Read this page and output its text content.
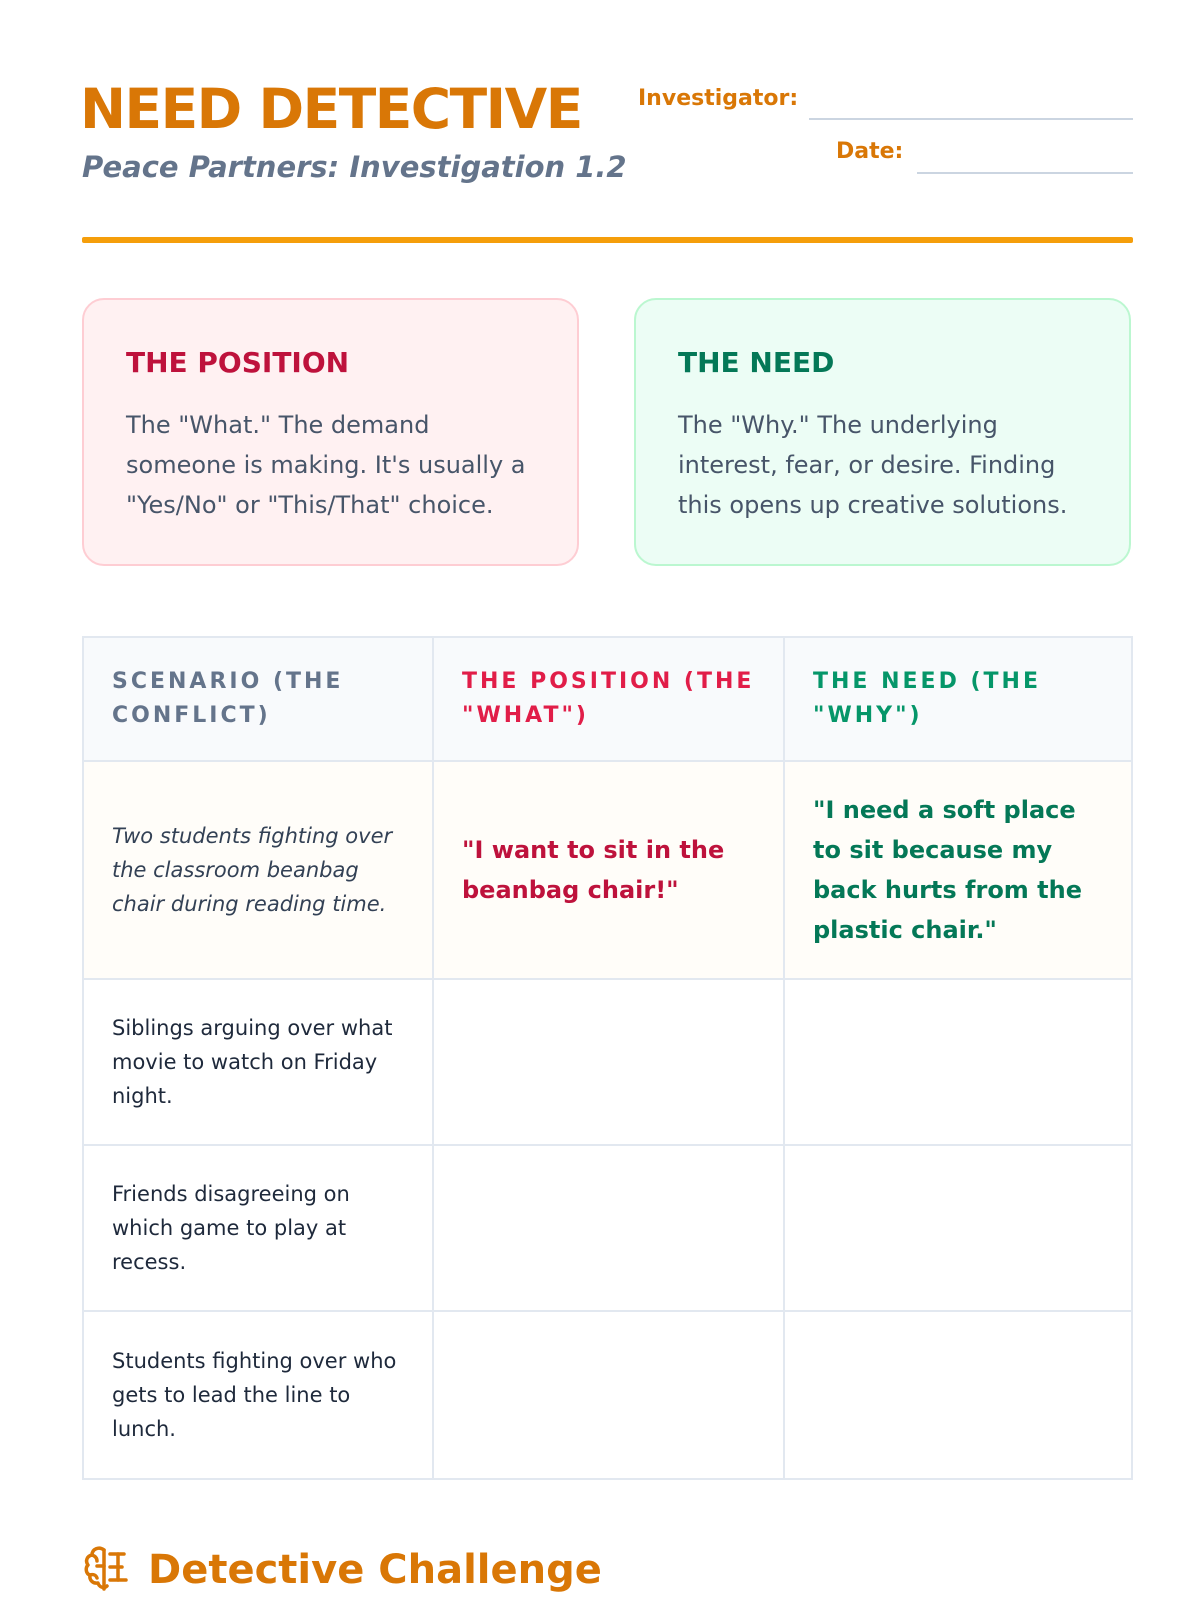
NEED DETECTIVE
Peace Partners: Investigation 1.2
Investigator:
Date:
THE POSITION

The "What." The demand someone is making. It's usually a "Yes/No" or "This/That" choice.

THE NEED

The "Why." The underlying interest, fear, or desire. Finding this opens up creative solutions.

SCENARIO (THE CONFLICT)
THE POSITION (THE "WHAT")
THE NEED (THE "WHY")
Two students fighting over the classroom beanbag chair during reading time.
"I want to sit in the beanbag chair!"
"I need a soft place to sit because my back hurts from the plastic chair."
Siblings arguing over what movie to watch on Friday night.
Friends disagreeing on which game to play at recess.
Students fighting over who gets to lead the line to lunch.
Detective Challenge
